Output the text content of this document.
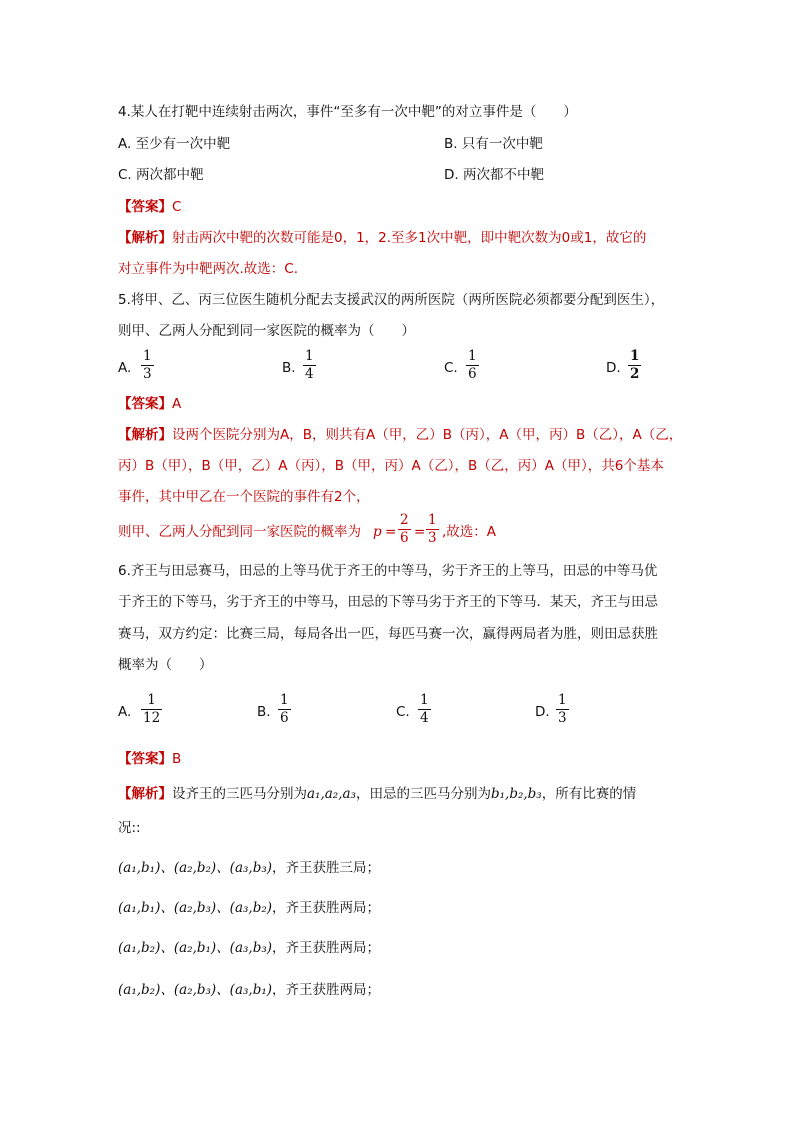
4.某人在打靶中连续射击两次，事件“至多有一次中靶”的对立事件是（　　）
A. 至少有一次中靶	B. 只有一次中靶
C. 两次都中靶	D. 两次都不中靶
【答案】C
【解析】射击两次中靶的次数可能是0，1，2.至多1次中靶，即中靶次数为0或1，故它的
对立事件为中靶两次.故选：C.
5.将甲、乙、丙三位医生随机分配去支援武汉的两所医院（两所医院必须都要分配到医生），
则甲、乙两人分配到同一家医院的概率为（　　）
A.
1
3	B.
1
4	C.
1
6	D.
1
2
【答案】A
【解析】设两个医院分别为A，B，则共有A（甲，乙）B（丙），A（甲，丙）B（乙），A（乙，
丙）B（甲），B（甲，乙）A（丙），B（甲，丙）A（乙），B（乙，丙）A（甲），共6个基本
事件，其中甲乙在一个医院的事件有2个，
则甲、乙两人分配到同一家医院的概率为 p =
2
6 =
1
3 ,故选：A
6.齐王与田忌赛马，田忌的上等马优于齐王的中等马，劣于齐王的上等马，田忌的中等马优
于齐王的下等马，劣于齐王的中等马，田忌的下等马劣于齐王的下等马．某天，齐王与田忌
赛马，双方约定：比赛三局，每局各出一匹，每匹马赛一次，赢得两局者为胜，则田忌获胜
概率为（　　）
A.
1
12	B.
1
6	C.
1
4	D.
1
3
【答案】B
【解析】设齐王的三匹马分别为a₁,a₂,a₃，田忌的三匹马分别为b₁,b₂,b₃，所有比赛的情
况::
(a₁,b₁)、(a₂,b₂)、(a₃,b₃)，齐王获胜三局；
(a₁,b₁)、(a₂,b₃)、(a₃,b₂)，齐王获胜两局；
(a₁,b₂)、(a₂,b₁)、(a₃,b₃)，齐王获胜两局；
(a₁,b₂)、(a₂,b₃)、(a₃,b₁)，齐王获胜两局；
